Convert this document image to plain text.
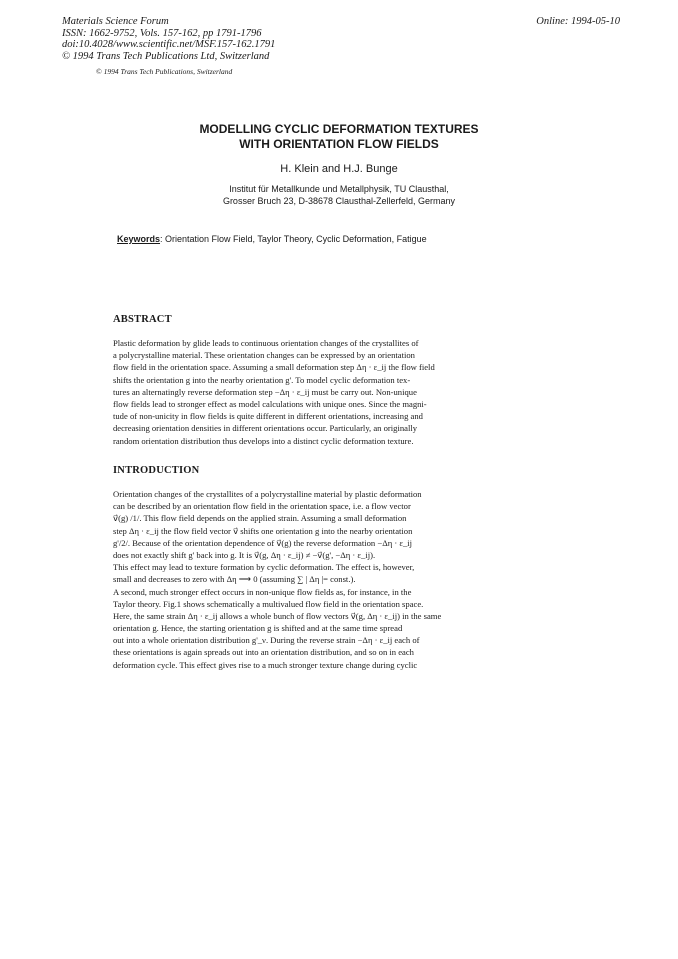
Materials Science Forum
ISSN: 1662-9752, Vols. 157-162, pp 1791-1796
doi:10.4028/www.scientific.net/MSF.157-162.1791
© 1994 Trans Tech Publications Ltd, Switzerland
Online: 1994-05-10
© 1994 Trans Tech Publications, Switzerland
MODELLING CYCLIC DEFORMATION TEXTURES
WITH ORIENTATION FLOW FIELDS
H. Klein and H.J. Bunge
Institut für Metallkunde und Metallphysik, TU Clausthal,
Grosser Bruch 23, D-38678 Clausthal-Zellerfeld, Germany
Keywords: Orientation Flow Field, Taylor Theory, Cyclic Deformation, Fatigue
ABSTRACT
Plastic deformation by glide leads to continuous orientation changes of the crystallites of
a polycrystalline material. These orientation changes can be expressed by an orientation
flow field in the orientation space. Assuming a small deformation step Δη · ε_ij the flow field
shifts the orientation g into the nearby orientation g'. To model cyclic deformation tex-
tures an alternatingly reverse deformation step −Δη · ε_ij must be carry out. Non-unique
flow fields lead to stronger effect as model calculations with unique ones. Since the magni-
tude of non-unicity in flow fields is quite different in different orientations, increasing and
decreasing orientation densities in different orientations occur. Particularly, an originally
random orientation distribution thus develops into a distinct cyclic deformation texture.
INTRODUCTION
Orientation changes of the crystallites of a polycrystalline material by plastic deformation
can be described by an orientation flow field in the orientation space, i.e. a flow vector
v⃗(g) /1/. This flow field depends on the applied strain. Assuming a small deformation
step Δη · ε_ij the flow field vector v⃗ shifts one orientation g into the nearby orientation
g'/2/. Because of the orientation dependence of v⃗(g) the reverse deformation −Δη · ε_ij
does not exactly shift g' back into g. It is v⃗(g, Δη · ε_ij) ≠ −v⃗(g', −Δη · ε_ij).
This effect may lead to texture formation by cyclic deformation. The effect is, however,
small and decreases to zero with Δη ⟶ 0 (assuming ∑ | Δη |= const.).
A second, much stronger effect occurs in non-unique flow fields as, for instance, in the
Taylor theory. Fig.1 shows schematically a multivalued flow field in the orientation space.
Here, the same strain Δη · ε_ij allows a whole bunch of flow vectors v⃗(g, Δη · ε_ij) in the same
orientation g. Hence, the starting orientation g is shifted and at the same time spread
out into a whole orientation distribution g'_ν. During the reverse strain −Δη · ε_ij each of
these orientations is again spreads out into an orientation distribution, and so on in each
deformation cycle. This effect gives rise to a much stronger texture change during cyclic
